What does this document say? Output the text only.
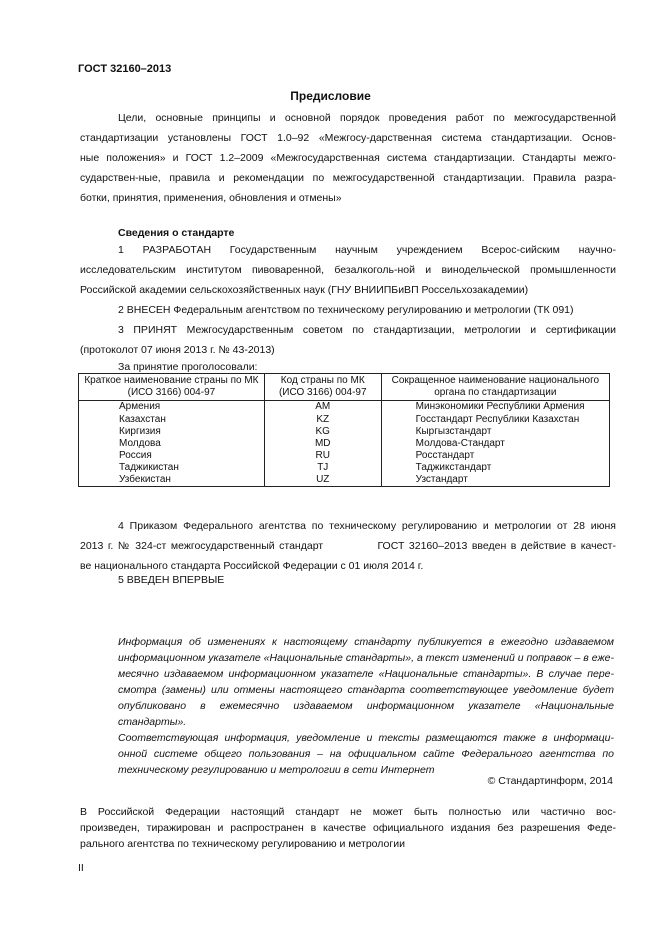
ГОСТ 32160–2013
Предисловие
Цели, основные принципы и основной порядок проведения работ по межгосударственной
стандартизации установлены ГОСТ 1.0–92 «Межгосу-дарственная система стандартизации. Основ-
ные положения» и ГОСТ 1.2–2009 «Межгосударственная система стандартизации. Стандарты межго-
сударствен-ные, правила и рекомендации по межгосударственной стандартизации. Правила разра-
ботки, принятия, применения, обновления и отмены»
Сведения о стандарте
1 РАЗРАБОТАН Государственным научным учреждением Всерос-сийским научно-
исследовательским институтом пивоваренной, безалкоголь-ной и винодельческой промышленности
Российской академии сельскохозяйственных наук (ГНУ ВНИИПБиВП Россельхозакадемии)
2 ВНЕСЕН Федеральным агентством по техническому регулированию и метрологии (ТК 091)
3 ПРИНЯТ Межгосударственным советом по стандартизации, метрологии и сертификации
(протоколот 07 июня 2013 г. № 43-2013)
За принятие проголосовали:
Краткое наименование страны по МК (ИСО 3166) 004-97	Код страны по МК (ИСО 3166) 004-97	Сокращенное наименование национального органа по стандартизации
Армения	AM	Минэкономики Республики Армения
Казахстан	KZ	Госстандарт Республики Казахстан
Киргизия	KG	Кыргызстандарт
Молдова	MD	Молдова-Стандарт
Россия	RU	Росстандарт
Таджикистан	TJ	Таджикстандарт
Узбекистан	UZ	Узстандарт
4 Приказом Федерального агентства по техническому регулированию и метрологии от 28 июня
2013 г. № 324-ст межгосударственный стандарт            ГОСТ 32160–2013 введен в действие в качест-
ве национального стандарта Российской Федерации с 01 июля 2014 г.
5 ВВЕДЕН ВПЕРВЫЕ
Информация об изменениях к настоящему стандарту публикуется в ежегодно издаваемом
информационном указателе «Национальные стандарты», а текст изменений и поправок – в еже-
месячно издаваемом информационном указателе «Национальные стандарты». В случае пере-
смотра (замены) или отмены настоящего стандарта соответствующее уведомление будет
опубликовано в ежемесячно издаваемом информационном указателе «Национальные стандарты».
Соответствующая информация, уведомление и тексты размещаются также в информаци-
онной системе общего пользования – на официальном сайте Федерального агентства по
техническому регулированию и метрологии в сети Интернет
© Стандартинформ, 2014
В Российской Федерации настоящий стандарт не может быть полностью или частично вос-
произведен, тиражирован и распространен в качестве официального издания без разрешения Феде-
рального агентства по техническому регулированию и метрологии
II
